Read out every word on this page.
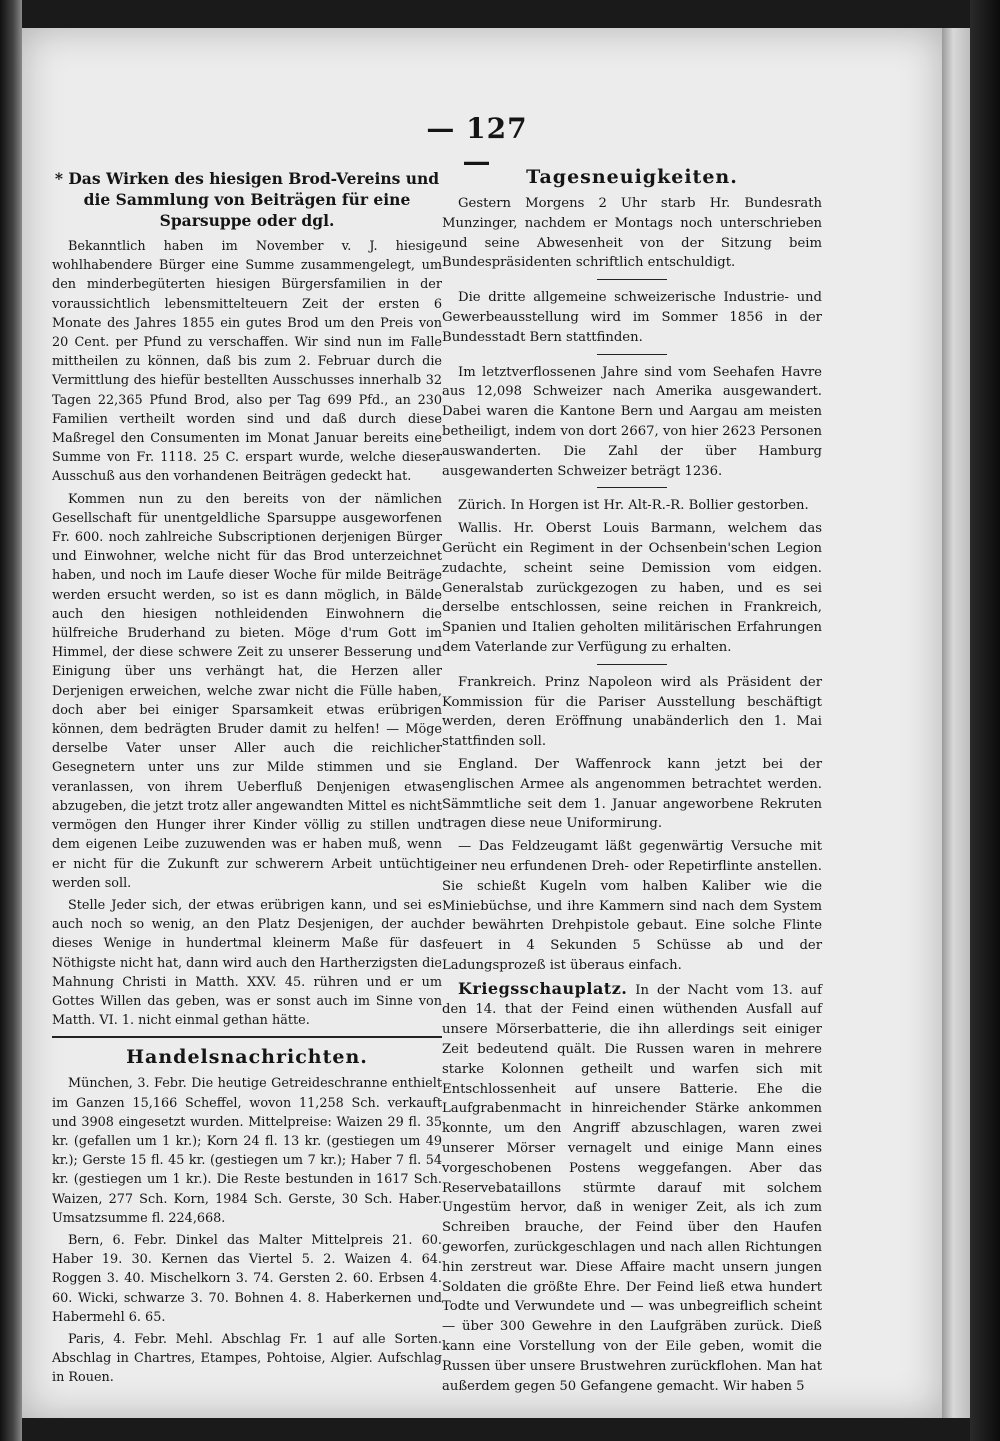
— 127 —
* Das Wirken des hiesigen Brod-Vereins und die Sammlung von Beiträgen für eine Sparsuppe oder dgl.

Bekanntlich haben im November v. J. hiesige wohlhabendere Bürger eine Summe zusammengelegt, um den minderbegüterten hiesigen Bürgersfamilien in der voraussichtlich lebensmittelteuern Zeit der ersten 6 Monate des Jahres 1855 ein gutes Brod um den Preis von 20 Cent. per Pfund zu verschaffen. Wir sind nun im Falle mittheilen zu können, daß bis zum 2. Februar durch die Vermittlung des hiefür bestellten Ausschusses innerhalb 32 Tagen 22,365 Pfund Brod, also per Tag 699 Pfd., an 230 Familien vertheilt worden sind und daß durch diese Maßregel den Consumenten im Monat Januar bereits eine Summe von Fr. 1118. 25 C. erspart wurde, welche dieser Ausschuß aus den vorhandenen Beiträgen gedeckt hat.

Kommen nun zu den bereits von der nämlichen Gesellschaft für unentgeldliche Sparsuppe ausgeworfenen Fr. 600. noch zahlreiche Subscriptionen derjenigen Bürger und Einwohner, welche nicht für das Brod unterzeichnet haben, und noch im Laufe dieser Woche für milde Beiträge werden ersucht werden, so ist es dann möglich, in Bälde auch den hiesigen nothleidenden Einwohnern die hülfreiche Bruderhand zu bieten. Möge d'rum Gott im Himmel, der diese schwere Zeit zu unserer Besserung und Einigung über uns verhängt hat, die Herzen aller Derjenigen erweichen, welche zwar nicht die Fülle haben, doch aber bei einiger Sparsamkeit etwas erübrigen können, dem bedrägten Bruder damit zu helfen! — Möge derselbe Vater unser Aller auch die reichlicher Gesegnetern unter uns zur Milde stimmen und sie veranlassen, von ihrem Ueberfluß Denjenigen etwas abzugeben, die jetzt trotz aller angewandten Mittel es nicht vermögen den Hunger ihrer Kinder völlig zu stillen und dem eigenen Leibe zuzuwenden was er haben muß, wenn er nicht für die Zukunft zur schwerern Arbeit untüchtig werden soll.

Stelle Jeder sich, der etwas erübrigen kann, und sei es auch noch so wenig, an den Platz Desjenigen, der auch dieses Wenige in hundertmal kleinerm Maße für das Nöthigste nicht hat, dann wird auch den Hartherzigsten die Mahnung Christi in Matth. XXV. 45. rühren und er um Gottes Willen das geben, was er sonst auch im Sinne von Matth. VI. 1. nicht einmal gethan hätte.

Handelsnachrichten.

München, 3. Febr. Die heutige Getreideschranne enthielt im Ganzen 15,166 Scheffel, wovon 11,258 Sch. verkauft und 3908 eingesetzt wurden. Mittelpreise: Waizen 29 fl. 35 kr. (gefallen um 1 kr.); Korn 24 fl. 13 kr. (gestiegen um 49 kr.); Gerste 15 fl. 45 kr. (gestiegen um 7 kr.); Haber 7 fl. 54 kr. (gestiegen um 1 kr.). Die Reste bestunden in 1617 Sch. Waizen, 277 Sch. Korn, 1984 Sch. Gerste, 30 Sch. Haber. Umsatzsumme fl. 224,668.

Bern, 6. Febr. Dinkel das Malter Mittelpreis 21. 60. Haber 19. 30. Kernen das Viertel 5. 2. Waizen 4. 64. Roggen 3. 40. Mischelkorn 3. 74. Gersten 2. 60. Erbsen 4. 60. Wicki, schwarze 3. 70. Bohnen 4. 8. Haberkernen und Habermehl 6. 65.

Paris, 4. Febr. Mehl. Abschlag Fr. 1 auf alle Sorten. Abschlag in Chartres, Etampes, Pohtoise, Algier. Aufschlag in Rouen.

Tagesneuigkeiten.

Gestern Morgens 2 Uhr starb Hr. Bundesrath Munzinger, nachdem er Montags noch unterschrieben und seine Abwesenheit von der Sitzung beim Bundespräsidenten schriftlich entschuldigt.

Die dritte allgemeine schweizerische Industrie- und Gewerbeausstellung wird im Sommer 1856 in der Bundesstadt Bern stattfinden.

Im letztverflossenen Jahre sind vom Seehafen Havre aus 12,098 Schweizer nach Amerika ausgewandert. Dabei waren die Kantone Bern und Aargau am meisten betheiligt, indem von dort 2667, von hier 2623 Personen auswanderten. Die Zahl der über Hamburg ausgewanderten Schweizer beträgt 1236.

Zürich. In Horgen ist Hr. Alt-R.-R. Bollier gestorben.

Wallis. Hr. Oberst Louis Barmann, welchem das Gerücht ein Regiment in der Ochsenbein'schen Legion zudachte, scheint seine Demission vom eidgen. Generalstab zurückgezogen zu haben, und es sei derselbe entschlossen, seine reichen in Frankreich, Spanien und Italien geholten militärischen Erfahrungen dem Vaterlande zur Verfügung zu erhalten.

Frankreich. Prinz Napoleon wird als Präsident der Kommission für die Pariser Ausstellung beschäftigt werden, deren Eröffnung unabänderlich den 1. Mai stattfinden soll.

England. Der Waffenrock kann jetzt bei der englischen Armee als angenommen betrachtet werden. Sämmtliche seit dem 1. Januar angeworbene Rekruten tragen diese neue Uniformirung.

— Das Feldzeugamt läßt gegenwärtig Versuche mit einer neu erfundenen Dreh- oder Repetirflinte anstellen. Sie schießt Kugeln vom halben Kaliber wie die Miniebüchse, und ihre Kammern sind nach dem System der bewährten Drehpistole gebaut. Eine solche Flinte feuert in 4 Sekunden 5 Schüsse ab und der Ladungsprozeß ist überaus einfach.

Kriegsschauplatz. In der Nacht vom 13. auf den 14. that der Feind einen wüthenden Ausfall auf unsere Mörserbatterie, die ihn allerdings seit einiger Zeit bedeutend quält. Die Russen waren in mehrere starke Kolonnen getheilt und warfen sich mit Entschlossenheit auf unsere Batterie. Ehe die Laufgrabenmacht in hinreichender Stärke ankommen konnte, um den Angriff abzuschlagen, waren zwei unserer Mörser vernagelt und einige Mann eines vorgeschobenen Postens weggefangen. Aber das Reservebataillons stürmte darauf mit solchem Ungestüm hervor, daß in weniger Zeit, als ich zum Schreiben brauche, der Feind über den Haufen geworfen, zurückgeschlagen und nach allen Richtungen hin zerstreut war. Diese Affaire macht unsern jungen Soldaten die größte Ehre. Der Feind ließ etwa hundert Todte und Verwundete und — was unbegreiflich scheint — über 300 Gewehre in den Laufgräben zurück. Dieß kann eine Vorstellung von der Eile geben, womit die Russen über unsere Brustwehren zurückflohen. Man hat außerdem gegen 50 Gefangene gemacht. Wir haben 5
